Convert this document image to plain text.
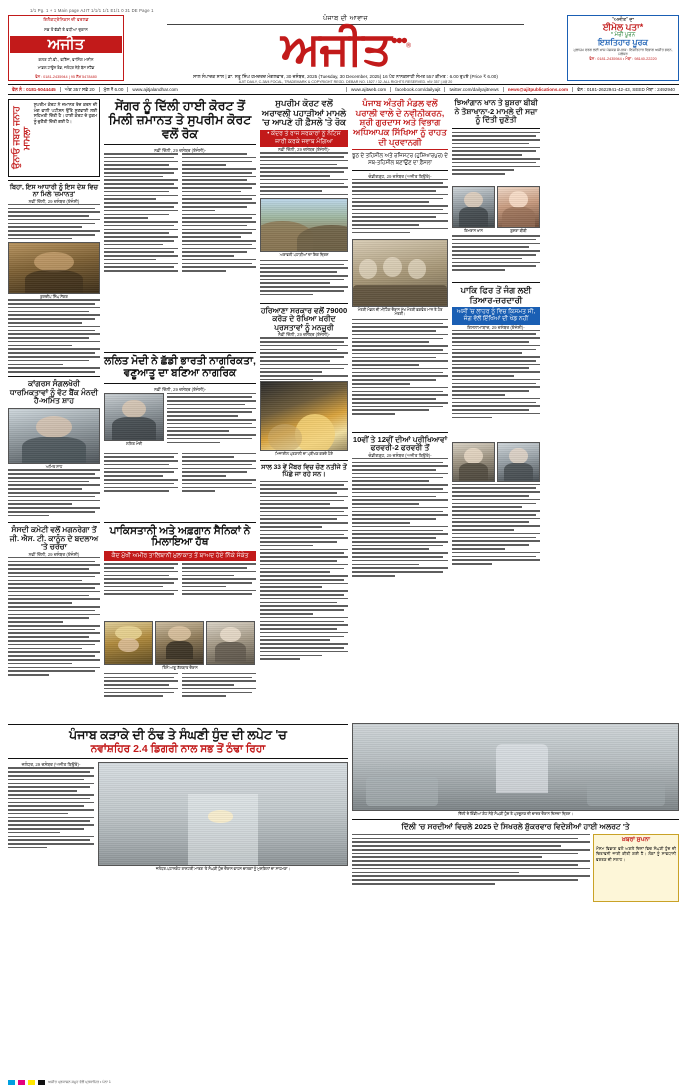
1/1 Pg. 1 + 1 Main page AJIT 1/1/1 1/1 E1/1 0 31 DE Page 1
ਇਲੈਕਟ੍ਰੋਨਿਕਸ ਦੀ ਵਰਲਡ
ਸਭ ਤੋਂ ਵੱਡੀ ਤੇ ਵਧੀਆ ਦੁਕਾਨ
ਅਜੀਤ
ਕਲਰ ਟੀ.ਵੀ., ਫਰਿੱਜ, ਵਾਸ਼ਿੰਗ ਮਸ਼ੀਨ
ਮਾਡਲ ਟਾਊਨ ਰੋਡ, ਜਲੰਧਰ ਨੇੜੇ ਬੱਸ ਸਟੈਂਡ
ਫੋਨ : 0181-2435944 | 95 ਲੱਖ 5478480
ਪੰਜਾਬ ਦੀ ਆਵਾਜ਼
ਅਜੀਤ•••®
ਸਾਲ ਸੰਪਾਦਕ ਸਾਲ | ਡਾ. ਸਤੂ ਸਿੰਘ ਹਮਦਰਦ ਮੰਗਲਵਾਰ, 30 ਦਸੰਬਰ, 2025 (Tuesday, 30 December, 2025) 16 ਪੋਹ ਨਾਨਕਸ਼ਾਹੀ ਸੰਮਤ 557 ਕੀਮਤ : 6.00 ਰੁਪਏ (Price ₹ 6.00)
AJIT DAILY, C-38/4 FOCAL, TRADEMARK & COPYRIGHT REGD. DEBAR NO. 1527 / 32. ALL RIGHTS RESERVED. ਅੰਕ 357 | ਸਫ਼ੇ 20
"ਅਜੀਤ" ਦਾ
ਈਮੇਲ ਪਤਾ*
* ਮੇਰੀ ਪੂਰਨ
ਇਸ਼ਤਿਹਾਰ ਪੂਰਕ
ਮੁਲਾਜ਼ਮ ਵਰਗ ਲਈ ਖ਼ਾਸ ਪੇਸ਼ਕਸ਼ ਸੰਪਰਕ : ਇਸ਼ਤਿਹਾਰ ਵਿਭਾਗ ਅਜੀਤ ਭਵਨ, ਜਲੰਧਰ
ਫੋਨ : 0181-2435944 • ਮੋਬਾ : 98140-22220
ਫੋਨ ਨੰ : 0181-5044445	ਅੰਕ 357 ਸਫ਼ੇ 20	ਮੁੱਲ ₹ 6.00	www.ajitjalandhar.com	www.ajitweb.com	facebook.com/dailyajit	twitter.com/dailyajitnews	news@ajitpublications.com	ਫੋਨ : 0181-2622941-42-43, SEED ਮੋਬਾ : 2492940
ਉਨਾਓ ਜਬਰ ਜਨਾਹ ਮਾਮਲਾ
ਸੁਪਰੀਮ ਕੋਰਟ ਨੇ ਜ਼ਮਾਨਤ ਰੱਦ ਕਰਨ ਦੀ ਮੰਗ ਵਾਲੀ ਪਟੀਸ਼ਨ ਉੱਤੇ ਸੁਣਵਾਈ ਲਈ ਸਹਿਮਤੀ ਦਿੱਤੀ ਹੈ। ਹਾਈ ਕੋਰਟ ਦੇ ਹੁਕਮ ਨੂੰ ਚੁਣੌਤੀ ਦਿੱਤੀ ਗਈ ਹੈ।
ਬਿਹਾ, ਇਸ ਆਧਾਰੀ ਨੂੰ ਇਸ ਦੇਸ਼ ਵਿਚ ਨਾ ਮਿਲੇ 'ਜ਼ਮਾਨਤ'
ਨਵੀਂ ਦਿੱਲੀ, 29 ਦਸੰਬਰ (ਏਜੰਸੀ)
ਕੁਲਦੀਪ ਸਿੰਘ ਸੇਂਗਰ
ਕਾਂਗਰਸ ਸੰਗਲਖੋਰੀ ਧਾਰਮਿਕਤਾਵਾਂ ਨੂੰ ਵੋਟ ਬੈਂਕ ਮੰਨਦੀ ਹੈ-ਅਮਿਤ ਸ਼ਾਹ
ਅਮਿਤ ਸ਼ਾਹ
ਸੰਸਦੀ ਕਮੇਟੀ ਵਲੋਂ ਮਗਨਰੇਗਾ ਤੋਂ ਜੀ. ਐਸ. ਟੀ. ਕਾਨੂੰਨ ਦੇ ਬਦਲਾਅ 'ਤੇ ਚਰਚਾ
ਨਵੀਂ ਦਿੱਲੀ, 29 ਦਸੰਬਰ (ਏਜੰਸੀ)
ਸੇਂਗਰ ਨੂੰ ਦਿੱਲੀ ਹਾਈ ਕੋਰਟ ਤੋਂ ਮਿਲੀ ਜ਼ਮਾਨਤ ਤੇ ਸੁਪਰੀਮ ਕੋਰਟ ਵਲੋਂ ਰੋਕ
ਨਵੀਂ ਦਿੱਲੀ, 29 ਦਸੰਬਰ (ਏਜੰਸੀ)-
ਲਲਿਤ ਮੋਦੀ ਨੇ ਛੱਡੀ ਭਾਰਤੀ ਨਾਗਰਿਕਤਾ, ਵਣੂਆਤੂ ਦਾ ਬਣਿਆ ਨਾਗਰਿਕ
ਨਵੀਂ ਦਿੱਲੀ, 29 ਦਸੰਬਰ (ਏਜੰਸੀ)-
ਲਲਿਤ ਮੋਦੀ
ਪਾਕਿਸਤਾਨੀ ਅਤੇ ਅਫ਼ਗਾਨ ਸੈਨਿਕਾਂ ਨੇ ਮਿਲਾਇਆ ਹੱਥ
ਕੈਦ ਮੁੱਖੀ ਅਮੀਰ ਤਾਲਿਬਾਨੀ ਮੁਲਾਕਾਤ ਤੋਂ ਬਾਅਦ ਹੋਏ ਨਿੱਕੇ ਸੰਕੇਤ
ਤਿੰਨੋਂ ਆਗੂ ਗੱਲਬਾਤ ਦੌਰਾਨ
ਸੁਪਰੀਮ ਕੋਰਟ ਵਲੋਂ ਅਰਾਵਲੀ ਪਹਾੜੀਆਂ ਮਾਮਲੇ 'ਚ ਆਪਣੇ ਹੀ ਫ਼ੈਸਲੇ 'ਤੇ ਰੋਕ
• ਕੇਂਦਰ ਤੇ ਰਾਜ ਸਰਕਾਰਾਂ ਨੂੰ ਨੋਟਿਸ ਜਾਰੀ ਕਰਕੇ ਜਵਾਬ ਮੰਗਿਆ
ਨਵੀਂ ਦਿੱਲੀ, 29 ਦਸੰਬਰ (ਏਜੰਸੀ)-
ਅਰਾਵਲੀ ਪਹਾੜੀਆਂ ਦਾ ਇਕ ਦ੍ਰਿਸ਼
ਹਰਿਆਣਾ ਸਰਕਾਰ ਵਲੋਂ 79000 ਕਰੋੜ ਦੇ ਰੱਖਿਆ ਖ਼ਰੀਦ ਪ੍ਰਸਤਾਵਾਂ ਨੂੰ ਮਨਜ਼ੂਰੀ
ਨਵੀਂ ਦਿੱਲੀ, 29 ਦਸੰਬਰ (ਏਜੰਸੀ)-
ਮਿਜ਼ਾਈਲ ਪ੍ਰਣਾਲੀ ਦਾ ਪ੍ਰੀਖਣ ਕਰਦੇ ਹੋਏ
ਸਾਲ 33 ਵੇਂ ਮੈਂਬਰ ਵਿਚ ਚੋਣ ਨਤੀਜੇ ਤੋਂ ਪਿੱਛੇ ਜਾ ਰਹੇ ਸਨ।
ਪੰਜਾਬ ਅੰਤਰੀ ਮੰਡਲ ਵਲੋਂ ਪਰਾਲੀ ਵਾਲੇ ਦੇ ਨਵੀਨੀਕਰਨ, ਸ਼੍ਰੀ ਗੁਰਦਾਸ ਅਤੇ ਵਿਭਾਗ ਅਧਿਆਪਕ ਸਿੱਖਿਆ ਨੂੰ ਰਾਹਤ ਦੀ ਪ੍ਰਵਾਨਗੀ
ਝੂਠ ਦੇ ਤਹਿਸੀਲ ਅਤੇ ਰਜਿਸਟਰ (ਹੁਸ਼ਿਆਰਪੁਰ) ਦੇ ਸਬ-ਤਹਿਸੀਲ ਬਣਾਉਣ ਦਾ ਫ਼ੈਸਲਾ
ਚੰਡੀਗੜ੍ਹ, 29 ਦਸੰਬਰ (ਅਜੀਤ ਬਿਊਰੋ)-
ਮੰਤਰੀ ਮੰਡਲ ਦੀ ਮੀਟਿੰਗ ਦੌਰਾਨ ਮੁੱਖ ਮੰਤਰੀ ਭਗਵੰਤ ਮਾਨ ਤੇ ਹੋਰ ਮੰਤਰੀ।
10ਵੀਂ ਤੇ 12ਵੀਂ ਦੀਆਂ ਪ੍ਰੀਖਿਆਵਾਂ ਫਰਵਰੀ-2 ਫਰਵਰੀ ਤੋਂ
ਚੰਡੀਗੜ੍ਹ, 29 ਦਸੰਬਰ (ਅਜੀਤ ਬਿਊਰੋ)-
ਝਿਆਂਗਾਨ ਖਾਨ ਤੇ ਬੁਸ਼ਰਾ ਬੀਬੀ ਨੇ ਤੋਸ਼ਾਖਾਨਾ-2 ਮਾਮਲੇ ਦੀ ਸਜ਼ਾ ਨੂੰ ਦਿੱਤੀ ਚੁਣੌਤੀ
ਇਮਰਾਨ ਖਾਨ	ਬੁਸ਼ਰਾ ਬੀਬੀ
ਪਾਕਿ ਫਿਰ ਤੋਂ ਜੰਗ ਲਈ ਤਿਆਰ-ਜ਼ਰਦਾਰੀ
ਅਸੀਂ 'ਚ ਲਾਹਰ ਨੂੰ ਵਿਚ ਕਿਸਮਤ ਸੀ, ਜੰਗ ਵੱਲੋਂ ਇੱਖਿਆਂ ਦੀ ਖੇਡ ਨਹੀਂ
ਇਸਲਾਮਾਬਾਦ, 29 ਦਸੰਬਰ (ਏਜੰਸੀ)-
ਪੰਜਾਬ ਕੜਾਕੇ ਦੀ ਠੰਢ ਤੇ ਸੰਘਣੀ ਧੁੰਦ ਦੀ ਲਪੇਟ 'ਚ
ਨਵਾਂਸ਼ਹਿਰ 2.4 ਡਿਗਰੀ ਨਾਲ ਸਭ ਤੋਂ ਠੰਢਾ ਰਿਹਾ
ਜਲੰਧਰ, 29 ਦਸੰਬਰ (ਅਜੀਤ ਬਿਊਰੋ)-
ਜਲੰਧਰ-ਪਠਾਨਕੋਟ ਰਾਸ਼ਟਰੀ ਮਾਰਗ 'ਤੇ ਸੰਘਣੀ ਧੁੰਦ ਦੌਰਾਨ ਵਾਹਨ ਚਾਲਕਾਂ ਨੂੰ ਮੁਸ਼ਕਿਲਾਂ ਦਾ ਸਾਹਮਣਾ।
ਦਿੱਲੀ ਦੇ ਇੰਡੀਆ ਗੇਟ ਨੇੜੇ ਸੰਘਣੀ ਧੁੰਦ ਤੇ ਪ੍ਰਦੂਸ਼ਣ ਦੀ ਚਾਦਰ ਦੌਰਾਨ ਦਿਸਦਾ ਦ੍ਰਿਸ਼।
ਦਿੱਲੀ 'ਚ ਸਰਦੀਆਂ ਵਿਚਲੇ 2025 ਦੇ ਸਿਖਰਲੇ ਸ਼ੁੱਕਰਵਾਰ ਵਿਦੇਸ਼ੀਆਂ ਹਾਈ ਅਲਰਟ 'ਤੇ
ਖ਼ਬਰਾਂ ਸੁਪਨਾ
ਮੌਸਮ ਵਿਭਾਗ ਵਲੋਂ ਅਗਲੇ ਦਿਨਾਂ ਵਿਚ ਸੰਘਣੀ ਧੁੰਦ ਦੀ ਚਿਤਾਵਨੀ ਜਾਰੀ ਕੀਤੀ ਗਈ ਹੈ। ਲੋਕਾਂ ਨੂੰ ਸਾਵਧਾਨੀ ਵਰਤਣ ਦੀ ਸਲਾਹ।
ਅਜੀਤ ਪ੍ਰਕਾਸ਼ਨ ਸਮੂਹ ਵੱਲੋਂ ਪ੍ਰਕਾਸ਼ਿਤ • ਪੰਨਾ 1
